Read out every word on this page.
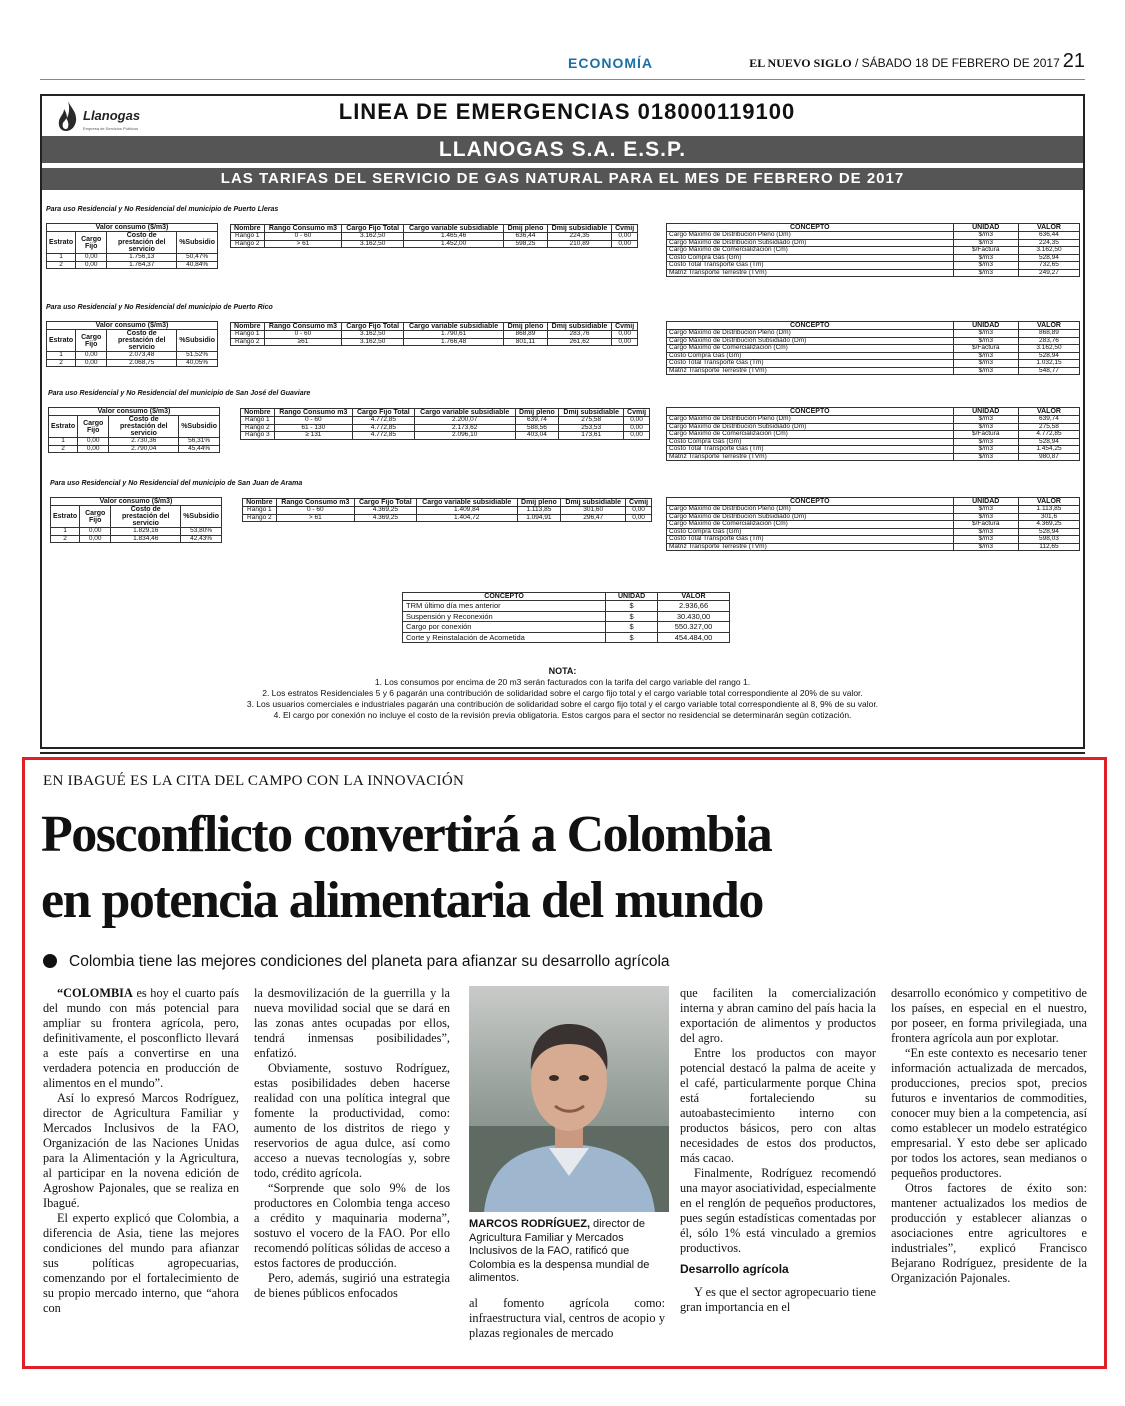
ECONOMÍA	EL NUEVO SIGLO / SÁBADO 18 DE FEBRERO DE 2017 21
Llanogas
Empresa de Servicios Públicos
LINEA DE EMERGENCIAS 018000119100
LLANOGAS S.A. E.S.P.
LAS TARIFAS DEL SERVICIO DE GAS NATURAL PARA EL MES DE FEBRERO DE 2017
Para uso Residencial y No Residencial del municipio de Puerto Lleras
Valor consumo ($/m3)			
Estrato	Cargo Fijo	Costo de prestación del servicio	%Subsidio
1	0,00	1.756,13	50,47%
2	0,00	1.764,37	40,84%
Nombre	Rango Consumo m3	Cargo Fijo Total	Cargo variable subsidiable	Dmij pleno	Dmij subsidiable	Cvmij
Rango 1	0 - 60	3.162,50	1.465,46	636,44	224,35	0,00
Rango 2	> 61	3.162,50	1.452,00	598,25	210,89	0,00
CONCEPTO	UNIDAD	VALOR
Cargo Máximo de Distribución Pleno (Dm)	$/m3	636,44
Cargo Máximo de Distribución Subsidiado (Dm)	$/m3	224,35
Cargo Máximo de Comercialización (Cm)	$/Factura	3.162,50
Costo Compra Gas (Gm)	$/m3	528,94
Costo Total Transporte Gas (Tm)	$/m3	732,65
Matriz Transporte Terrestre (TVm)	$/m3	249,27
Para uso Residencial y No Residencial del municipio de Puerto Rico
Valor consumo ($/m3)			
Estrato	Cargo Fijo	Costo de prestación del servicio	%Subsidio
1	0,00	2.073,48	51,52%
2	0,00	2.068,75	40,05%
Nombre	Rango Consumo m3	Cargo Fijo Total	Cargo variable subsidiable	Dmij pleno	Dmij subsidiable	Cvmij
Rango 1	0 - 60	3.162,50	1.790,61	868,89	283,76	0,00
Rango 2	≥61	3.162,50	1.766,48	801,11	261,62	0,00
CONCEPTO	UNIDAD	VALOR
Cargo Máximo de Distribución Pleno (Dm)	$/m3	868,89
Cargo Máximo de Distribución Subsidiado (Dm)	$/m3	283,76
Cargo Máximo de Comercialización (Cm)	$/Factura	3.162,50
Costo Compra Gas (Gm)	$/m3	528,94
Costo Total Transporte Gas (Tm)	$/m3	1.032,15
Matriz Transporte Terrestre (TVm)	$/m3	548,77
Para uso Residencial y No Residencial del municipio de San José del Guaviare
Valor consumo ($/m3)			
Estrato	Cargo Fijo	Costo de prestación del servicio	%Subsidio
1	0,00	2.730,36	56,31%
2	0,00	2.790,04	45,44%
Nombre	Rango Consumo m3	Cargo Fijo Total	Cargo variable subsidiable	Dmij pleno	Dmij subsidiable	Cvmij
Rango 1	0 - 60	4.772,85	2.200,07	639,74	275,58	0,00
Rango 2	61 - 130	4.772,85	2.173,62	588,56	253,53	0,00
Rango 3	≥ 131	4.772,85	2.096,10	403,04	173,61	0,00
CONCEPTO	UNIDAD	VALOR
Cargo Máximo de Distribución Pleno (Dm)	$/m3	639,74
Cargo Máximo de Distribución Subsidiado (Dm)	$/m3	275,58
Cargo Máximo de Comercialización (Cm)	$/Factura	4.772,85
Costo Compra Gas (Gm)	$/m3	528,94
Costo Total Transporte Gas (Tm)	$/m3	1.454,25
Matriz Transporte Terrestre (TVm)	$/m3	980,87
Para uso Residencial y No Residencial del municipio de San Juan de Arama
Valor consumo ($/m3)			
Estrato	Cargo Fijo	Costo de prestación del servicio	%Subsidio
1	0,00	1.829,16	53,80%
2	0,00	1.834,46	42,43%
Nombre	Rango Consumo m3	Cargo Fijo Total	Cargo variable subsidiable	Dmij pleno	Dmij subsidiable	Cvmij
Rango 1	0 - 60	4.369,25	1.409,84	1.113,85	301,60	0,00
Rango 2	> 61	4.369,25	1.404,72	1.094,91	296,47	0,00
CONCEPTO	UNIDAD	VALOR
Cargo Máximo de Distribución Pleno (Dm)	$/m3	1.113,85
Cargo Máximo de Distribución Subsidiado (Dm)	$/m3	301,6
Cargo Máximo de Comercialización (Cm)	$/Factura	4.369,25
Costo Compra Gas (Gm)	$/m3	528,94
Costo Total Transporte Gas (Tm)	$/m3	598,03
Matriz Transporte Terrestre (TVm)	$/m3	112,65
CONCEPTO	UNIDAD	VALOR
TRM último día mes anterior	$	2.936,66
Suspensión y Reconexión	$	30.430,00
Cargo por conexión	$	550.327,00
Corte y Reinstalación de Acometida	$	454.484,00
NOTA:
1. Los consumos por encima de 20 m3 serán facturados con la tarifa del cargo variable del rango 1.
2. Los estratos Residenciales 5 y 6 pagarán una contribución de solidaridad sobre el cargo fijo total y el cargo variable total correspondiente al 20% de su valor.
3. Los usuarios comerciales e industriales pagarán una contribución de solidaridad sobre el cargo fijo total y el cargo variable total correspondiente al 8, 9% de su valor.
4. El cargo por conexión no incluye el costo de la revisión previa obligatoria. Estos cargos para el sector no residencial se determinarán según cotización.
EN IBAGUÉ ES LA CITA DEL CAMPO CON LA INNOVACIÓN
Posconflicto convertirá a Colombia
en potencia alimentaria del mundo
Colombia tiene las mejores condiciones del planeta para afianzar su desarrollo agrícola

“COLOMBIA es hoy el cuarto país del mundo con más potencial para ampliar su frontera agrícola, pero, definitivamente, el posconflicto llevará a este país a convertirse en una verdadera potencia en producción de alimentos en el mundo”.

Así lo expresó Marcos Rodríguez, director de Agricultura Familiar y Mercados Inclusivos de la FAO, Organización de las Naciones Unidas para la Alimentación y la Agricultura, al participar en la novena edición de Agroshow Pajonales, que se realiza en Ibagué.

El experto explicó que Colombia, a diferencia de Asia, tiene las mejores condiciones del mundo para afianzar sus políticas agropecuarias, comenzando por el fortalecimiento de su propio mercado interno, que “ahora con

la desmovilización de la guerrilla y la nueva movilidad social que se dará en las zonas antes ocupadas por ellos, tendrá inmensas posibilidades”, enfatizó.

Obviamente, sostuvo Rodríguez, estas posibilidades deben hacerse realidad con una política integral que fomente la productividad, como: aumento de los distritos de riego y reservorios de agua dulce, así como acceso a nuevas tecnologías y, sobre todo, crédito agrícola.

“Sorprende que solo 9% de los productores en Colombia tenga acceso a crédito y maquinaria moderna”, sostuvo el vocero de la FAO. Por ello recomendó políticas sólidas de acceso a estos factores de producción.

Pero, además, sugirió una estrategia de bienes públicos enfocados

MARCOS RODRÍGUEZ, director de Agricultura Familiar y Mercados Inclusivos de la FAO, ratificó que Colombia es la despensa mundial de alimentos.

al fomento agrícola como: infraestructura vial, centros de acopio y plazas regionales de mercado

que faciliten la comercialización interna y abran camino del país hacia la exportación de alimentos y productos del agro.

Entre los productos con mayor potencial destacó la palma de aceite y el café, particularmente porque China está fortaleciendo su autoabastecimiento interno con productos básicos, pero con altas necesidades de estos dos productos, más cacao.

Finalmente, Rodríguez recomendó una mayor asociatividad, especialmente en el renglón de pequeños productores, pues según estadísticas comentadas por él, sólo 1% está vinculado a gremios productivos.

Desarrollo agrícola

Y es que el sector agropecuario tiene gran importancia en el

desarrollo económico y competitivo de los países, en especial en el nuestro, por poseer, en forma privilegiada, una frontera agrícola aun por explotar.

“En este contexto es necesario tener información actualizada de mercados, producciones, precios spot, precios futuros e inventarios de commodities, conocer muy bien a la competencia, así como establecer un modelo estratégico empresarial. Y esto debe ser aplicado por todos los actores, sean medianos o pequeños productores.

Otros factores de éxito son: mantener actualizados los medios de producción y establecer alianzas o asociaciones entre agricultores e industriales”, explicó Francisco Bejarano Rodríguez, presidente de la Organización Pajonales.
